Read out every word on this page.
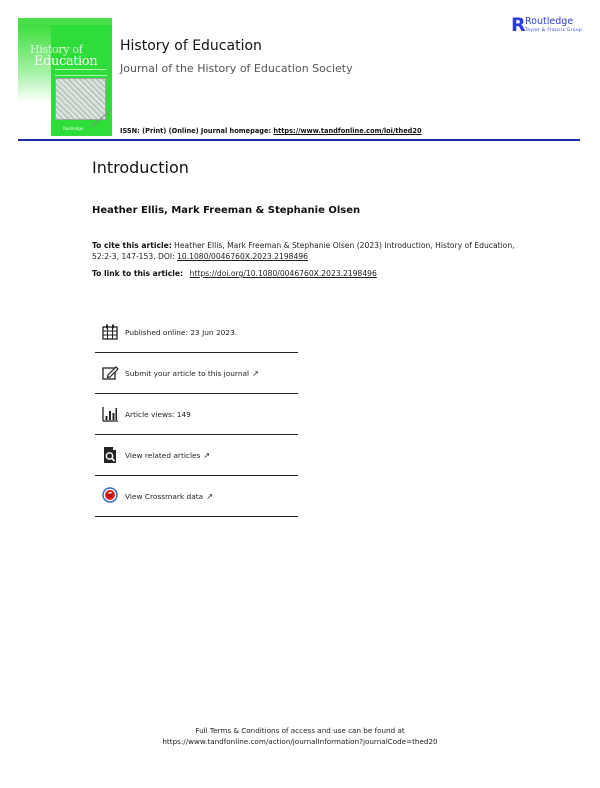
History of
Education
Routledge
History of Education
Journal of the History of Education Society
ISSN: (Print) (Online) Journal homepage: https://www.tandfonline.com/loi/thed20
R Routledge
Taylor & Francis Group
Introduction
Heather Ellis, Mark Freeman & Stephanie Olsen
To cite this article: Heather Ellis, Mark Freeman & Stephanie Olsen (2023) Introduction, History of Education, 52:2-3, 147-153, DOI: 10.1080/0046760X.2023.2198496
To link to this article: https://doi.org/10.1080/0046760X.2023.2198496
Published online: 23 Jun 2023.
Submit your article to this journal ↗
Article views: 149
View related articles ↗
· · · ·
View Crossmark data ↗
Full Terms & Conditions of access and use can be found at
https://www.tandfonline.com/action/journalInformation?journalCode=thed20
